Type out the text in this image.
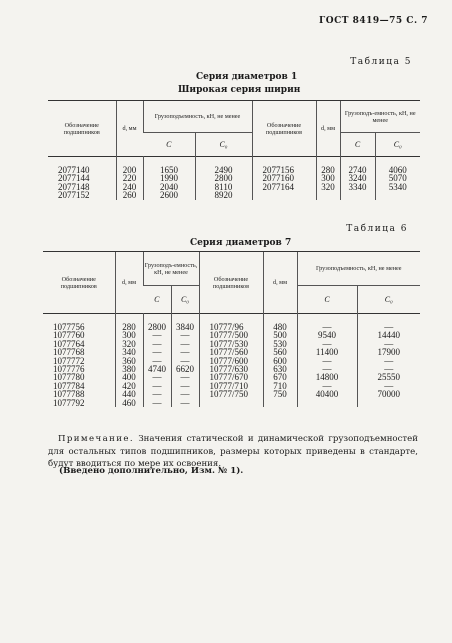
ГОСТ 8419—75 С. 7
Таблица 5
Серия диаметров 1
Широкая серия ширин
Обозначение подшипников	d, мм	Грузоподъемность, кН, не менее		Обозначение подшипников	d, мм	Грузоподъ-емность, кН, не менее	
		C	C₀			C	C₀
2077140	200	1650	2490	2077156	280	2740	4060
2077144	220	1990	2800	2077160	300	3240	5070
2077148	240	2040	8110	2077164	320	3340	5340
2077152	260	2600	8920				
Таблица 6
Серия диаметров 7
Обозначение подшипников	d, мм	Грузоподъ-емность, кН, не менее		Обозначение подшипников	d, мм	Грузоподъемность, кН, не менее	
		C	C₀			C	C₀
1077756	280	2800	3840	10777/96	480	—	—
1077760	300	—	—	10777/500	500	9540	14440
1077764	320	—	—	10777/530	530	—	—
1077768	340	—	—	10777/560	560	11400	17900
1077772	360	—	—	10777/600	600	—	—
1077776	380	4740	6620	10777/630	630	—	—
1077780	400	—	—	10777/670	670	14800	25550
1077784	420	—	—	10777/710	710	—	—
1077788	440	—	—	10777/750	750	40400	70000
1077792	460	—	—				
Примечание. Значения статической и динамической грузоподъемностей для остальных типов подшипников, размеры которых приведены в стандарте, будут вводиться по мере их освоения.
(Введено дополнительно, Изм. № 1).
